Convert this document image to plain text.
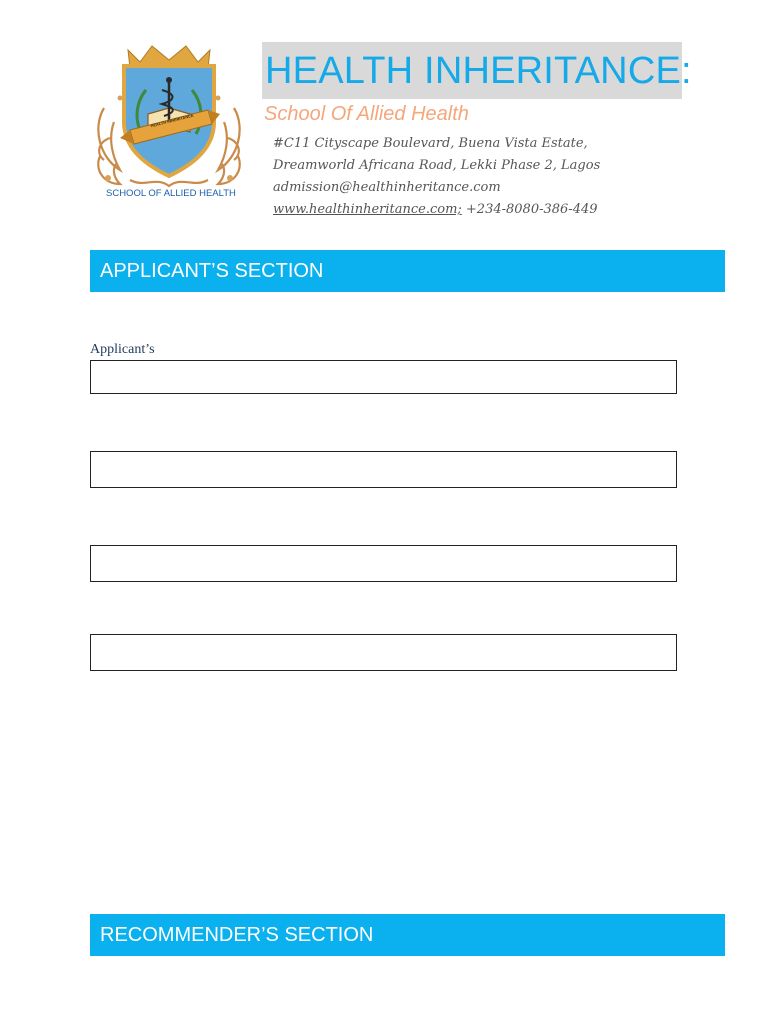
HEALTH INHERITANCE
SCHOOL OF ALLIED HEALTH
HEALTH INHERITANCE:
School Of Allied Health
#C11 Cityscape Boulevard, Buena Vista Estate,
Dreamworld Africana Road, Lekki Phase 2, Lagos
admission@healthinheritance.com
www.healthinheritance.com; +234-8080-386-449
APPLICANT’S SECTION
Applicant’s
RECOMMENDER’S SECTION
